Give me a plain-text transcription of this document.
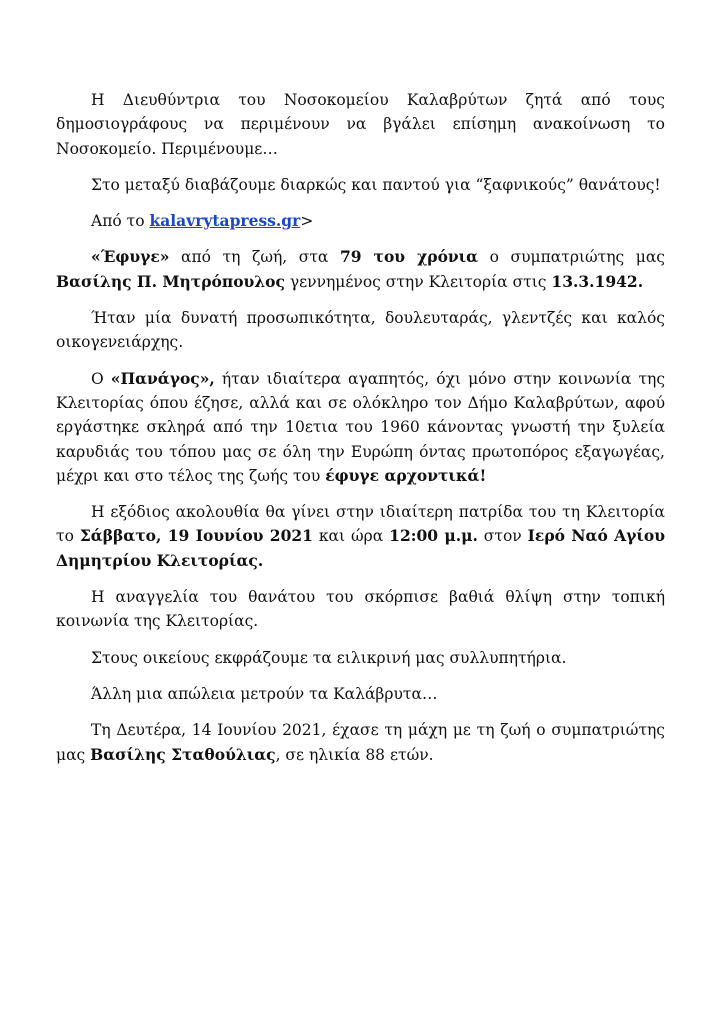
Η Διευθύντρια του Νοσοκομείου Καλαβρύτων ζητά από τους δημοσιογράφους να περιμένουν να βγάλει επίσημη ανακοίνωση το Νοσοκομείο. Περιμένουμε…

Στο μεταξύ διαβάζουμε διαρκώς και παντού για “ξαφνικούς” θανάτους!

Από το kalavrytapress.gr>

«Έφυγε» από τη ζωή, στα 79 του χρόνια ο συμπατριώτης μας Βασίλης Π. Μητρόπουλος γεννημένος στην Κλειτορία στις 13.3.1942.

Ήταν μία δυνατή προσωπικότητα, δουλευταράς, γλεντζές και καλός οικογενειάρχης.

Ο «Πανάγος», ήταν ιδιαίτερα αγαπητός, όχι μόνο στην κοινωνία της Κλειτορίας όπου έζησε, αλλά και σε ολόκληρο τον Δήμο Καλαβρύτων, αφού εργάστηκε σκληρά από την 10ετια του 1960 κάνοντας γνωστή την ξυλεία καρυδιάς του τόπου μας σε όλη την Ευρώπη όντας πρωτοπόρος εξαγωγέας, μέχρι και στο τέλος της ζωής του έφυγε αρχοντικά!

Η εξόδιος ακολουθία θα γίνει στην ιδιαίτερη πατρίδα του τη Κλειτορία το Σάββατο, 19 Ιουνίου 2021 και ώρα 12:00 μ.μ. στον Ιερό Ναό Αγίου Δημητρίου Κλειτορίας.

Η αναγγελία του θανάτου του σκόρπισε βαθιά θλίψη στην τοπική κοινωνία της Κλειτορίας.

Στους οικείους εκφράζουμε τα ειλικρινή μας συλλυπητήρια.

Άλλη μια απώλεια μετρούν τα Καλάβρυτα…

Τη Δευτέρα, 14 Ιουνίου 2021, έχασε τη μάχη με τη ζωή ο συμπατριώτης μας Βασίλης Σταθούλιας, σε ηλικία 88 ετών.
